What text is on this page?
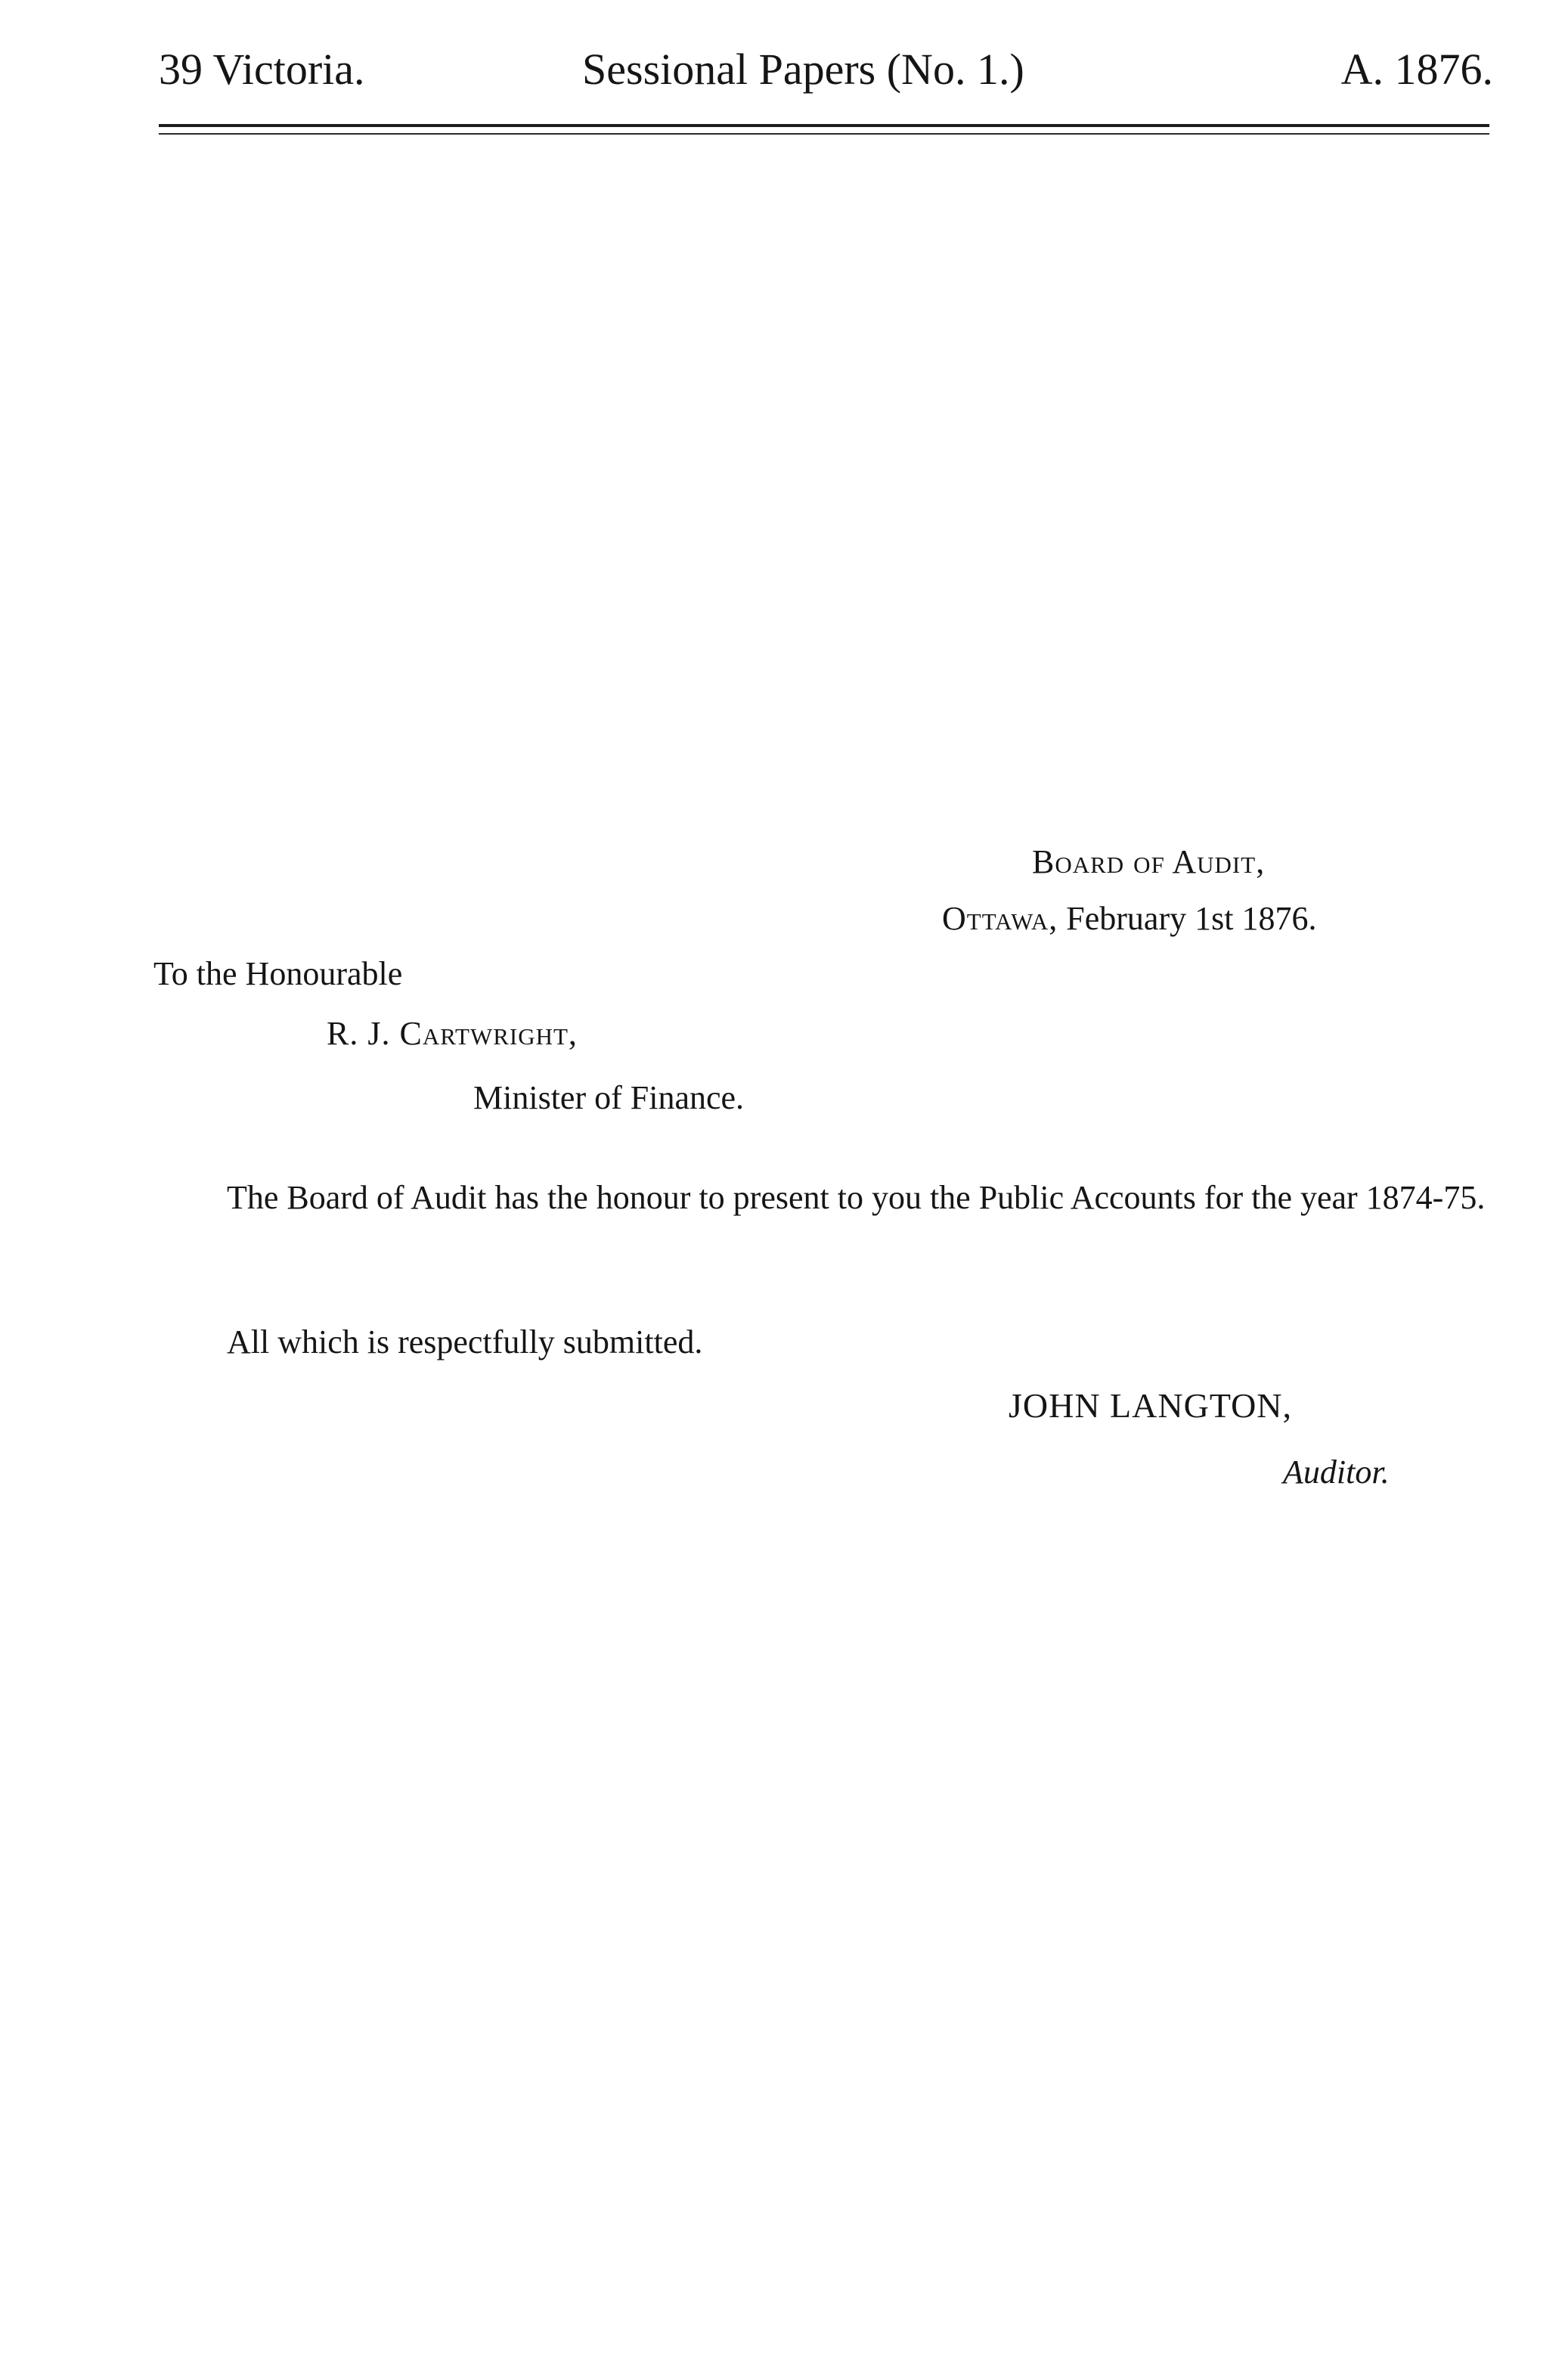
39 Victoria.	Sessional Papers (No. 1.)	A. 1876.
Board of Audit,
Ottawa, February 1st 1876.
To the Honourable
R. J. Cartwright,
Minister of Finance.

The Board of Audit has the honour to present to you the Public Accounts for the year 1874-75.

All which is respectfully submitted.
JOHN LANGTON,
Auditor.
